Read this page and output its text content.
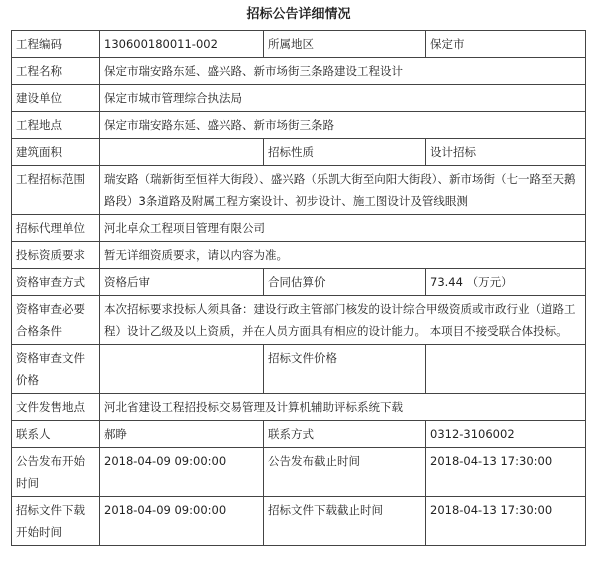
招标公告详细情况
工程编码	130600180011-002	所属地区	保定市
工程名称	保定市瑞安路东延、盛兴路、新市场街三条路建设工程设计		
建设单位	保定市城市管理综合执法局		
工程地点	保定市瑞安路东延、盛兴路、新市场街三条路		
建筑面积		招标性质	设计招标
工程招标范围	瑞安路（瑞新街至恒祥大街段）、盛兴路（乐凯大街至向阳大街段）、新市场街（七一路至天鹅路段）3条道路及附属工程方案设计、初步设计、施工图设计及管线眼测		
招标代理单位	河北卓众工程项目管理有限公司		
投标资质要求	暂无详细资质要求，请以内容为准。		
资格审查方式	资格后审	合同估算价	73.44 （万元）
资格审查必要合格条件	本次招标要求投标人须具备：建设行政主管部门核发的设计综合甲级资质或市政行业（道路工程）设计乙级及以上资质，并在人员方面具有相应的设计能力。 本项目不接受联合体投标。		
资格审查文件价格		招标文件价格	
文件发售地点	河北省建设工程招投标交易管理及计算机辅助评标系统下载		
联系人	郝睁	联系方式	0312-3106002
公告发布开始时间	2018-04-09 09:00:00	公告发布截止时间	2018-04-13 17:30:00
招标文件下载开始时间	2018-04-09 09:00:00	招标文件下载截止时间	2018-04-13 17:30:00
